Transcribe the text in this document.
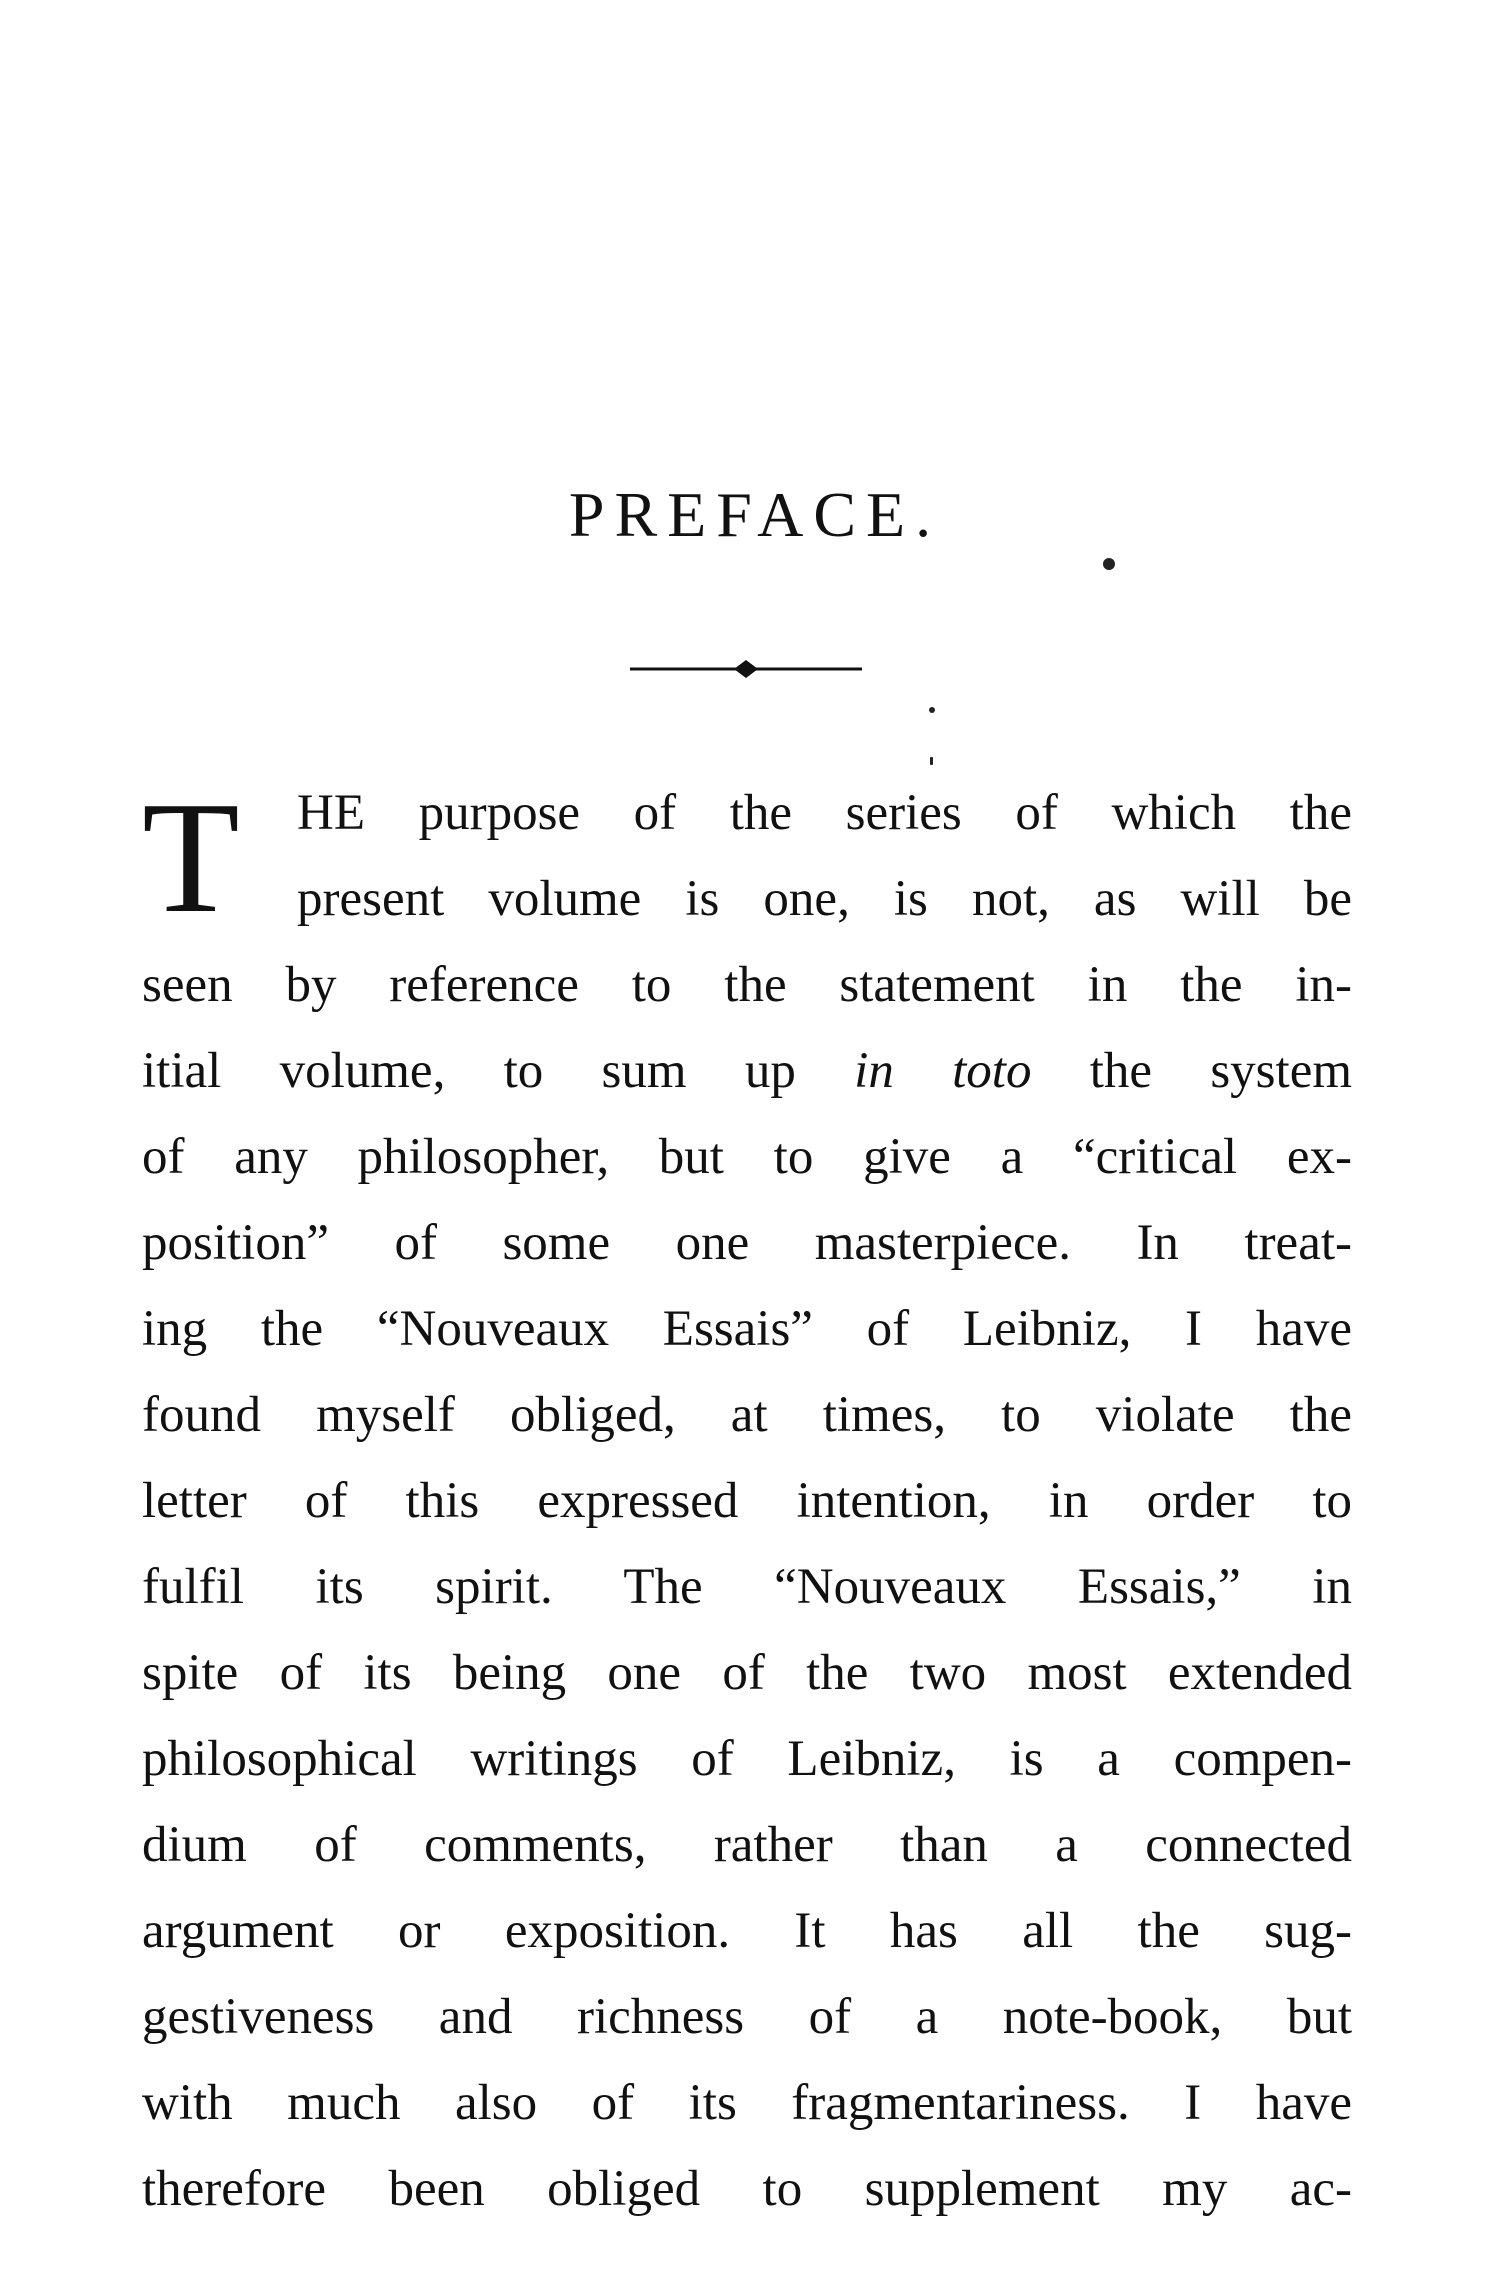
PREFACE.
T HE purpose of the series of which the
present volume is one, is not, as will be
seen by reference to the statement in the in-
itial volume, to sum up in toto the system
of any philosopher, but to give a “critical ex-
position” of some one masterpiece. In treat-
ing the “Nouveaux Essais” of Leibniz, I have
found myself obliged, at times, to violate the
letter of this expressed intention, in order to
fulfil its spirit. The “Nouveaux Essais,” in
spite of its being one of the two most extended
philosophical writings of Leibniz, is a compen-
dium of comments, rather than a connected
argument or exposition. It has all the sug-
gestiveness and richness of a note-book, but
with much also of its fragmentariness. I have
therefore been obliged to supplement my ac-
